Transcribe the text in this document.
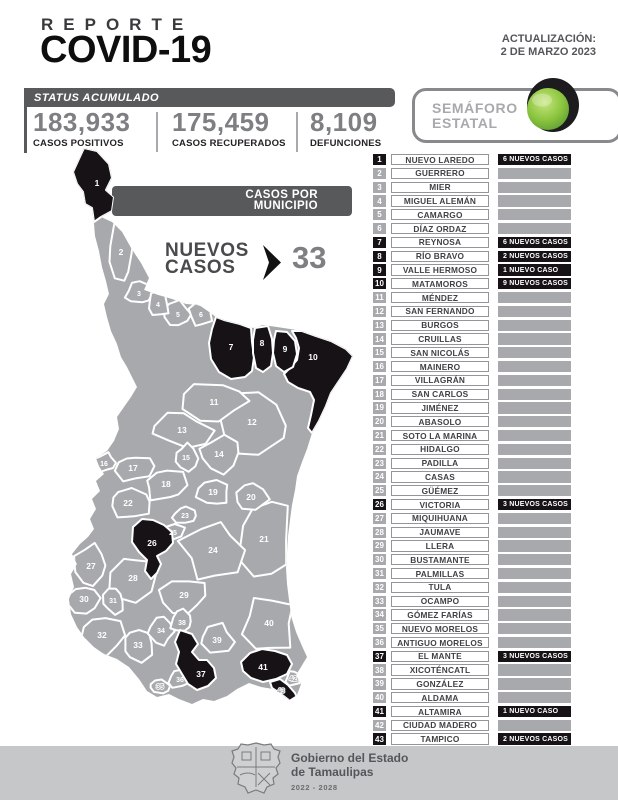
REPORTE
COVID-19	ACTUALIZACIÓN:
2 DE MARZO 2023
STATUS ACUMULADO
183,933
CASOS POSITIVOS
175,459
CASOS RECUPERADOS
8,109
DEFUNCIONES
SEMÁFORO
ESTATAL
CASOS POR
MUNICIPIO
NUEVOS
CASOS	33
1
2
3
4
5	6
7	8
9
10
11
12
13
14
15
16 17
18
19	20
21
22
23
24
25
26
27
28
29
30	31
32
33
34
35
36
37
38
39
40
41
42
43
1	NUEVO LAREDO	6 NUEVOS CASOS
2	GUERRERO
3	MIER
4	MIGUEL ALEMÁN
5	CAMARGO
6	DÍAZ ORDAZ
7	REYNOSA	6 NUEVOS CASOS
8	RÍO BRAVO	2 NUEVOS CASOS
9	VALLE HERMOSO	1 NUEVO CASO
10	MATAMOROS	9 NUEVOS CASOS
11	MÉNDEZ
12	SAN FERNANDO
13	BURGOS
14	CRUILLAS
15	SAN NICOLÁS
16	MAINERO
17	VILLAGRÁN
18	SAN CARLOS
19	JIMÉNEZ
20	ABASOLO
21	SOTO LA MARINA
22	HIDALGO
23	PADILLA
24	CASAS
25	GÜÉMEZ
26	VICTORIA	3 NUEVOS CASOS
27	MIQUIHUANA
28	JAUMAVE
29	LLERA
30	BUSTAMANTE
31	PALMILLAS
32	TULA
33	OCAMPO
34	GÓMEZ FARÍAS
35	NUEVO MORELOS
36	ANTIGUO MORELOS
37	EL MANTE	3 NUEVOS CASOS
38	XICOTÉNCATL
39	GONZÁLEZ
40	ALDAMA
41	ALTAMIRA	1 NUEVO CASO
42	CIUDAD MADERO
43	TAMPICO	2 NUEVOS CASOS
Gobierno del Estado
de Tamaulipas
2022 - 2028
